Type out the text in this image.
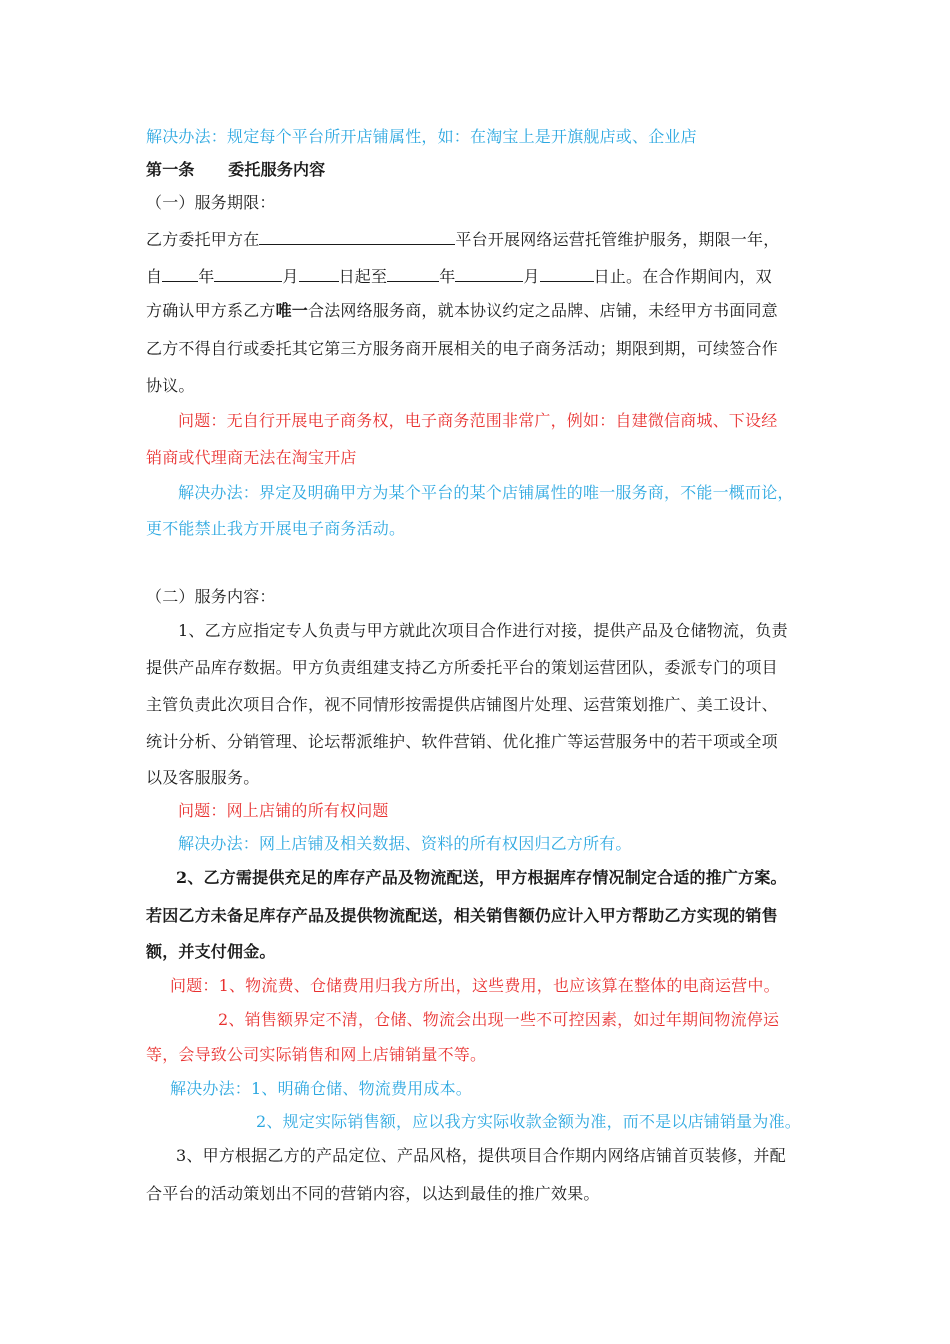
解决办法：规定每个平台所开店铺属性，如：在淘宝上是开旗舰店或、企业店

第一条 委托服务内容

（一）服务期限：

乙方委托甲方在	平台开展网络运营托管维护服务，期限一年，

自 年	月	日起至	年	月	日止。在合作期间内，双

方确认甲方系乙方唯一合法网络服务商，就本协议约定之品牌、店铺，未经甲方书面同意

乙方不得自行或委托其它第三方服务商开展相关的电子商务活动；期限到期，可续签合作

协议。

问题：无自行开展电子商务权，电子商务范围非常广，例如：自建微信商城、下设经

销商或代理商无法在淘宝开店

解决办法：界定及明确甲方为某个平台的某个店铺属性的唯一服务商，不能一概而论，

更不能禁止我方开展电子商务活动。

（二）服务内容：

1、乙方应指定专人负责与甲方就此次项目合作进行对接，提供产品及仓储物流，负责

提供产品库存数据。甲方负责组建支持乙方所委托平台的策划运营团队，委派专门的项目

主管负责此次项目合作，视不同情形按需提供店铺图片处理、运营策划推广、美工设计、

统计分析、分销管理、论坛帮派维护、软件营销、优化推广等运营服务中的若干项或全项

以及客服服务。

问题：网上店铺的所有权问题

解决办法：网上店铺及相关数据、资料的所有权因归乙方所有。

2、乙方需提供充足的库存产品及物流配送，甲方根据库存情况制定合适的推广方案。

若因乙方未备足库存产品及提供物流配送，相关销售额仍应计入甲方帮助乙方实现的销售

额，并支付佣金。

问题：1、物流费、仓储费用归我方所出，这些费用，也应该算在整体的电商运营中。

2、销售额界定不清，仓储、物流会出现一些不可控因素，如过年期间物流停运

等，会导致公司实际销售和网上店铺销量不等。

解决办法：1、明确仓储、物流费用成本。

2、规定实际销售额，应以我方实际收款金额为准，而不是以店铺销量为准。

3、甲方根据乙方的产品定位、产品风格，提供项目合作期内网络店铺首页装修，并配

合平台的活动策划出不同的营销内容，以达到最佳的推广效果。
